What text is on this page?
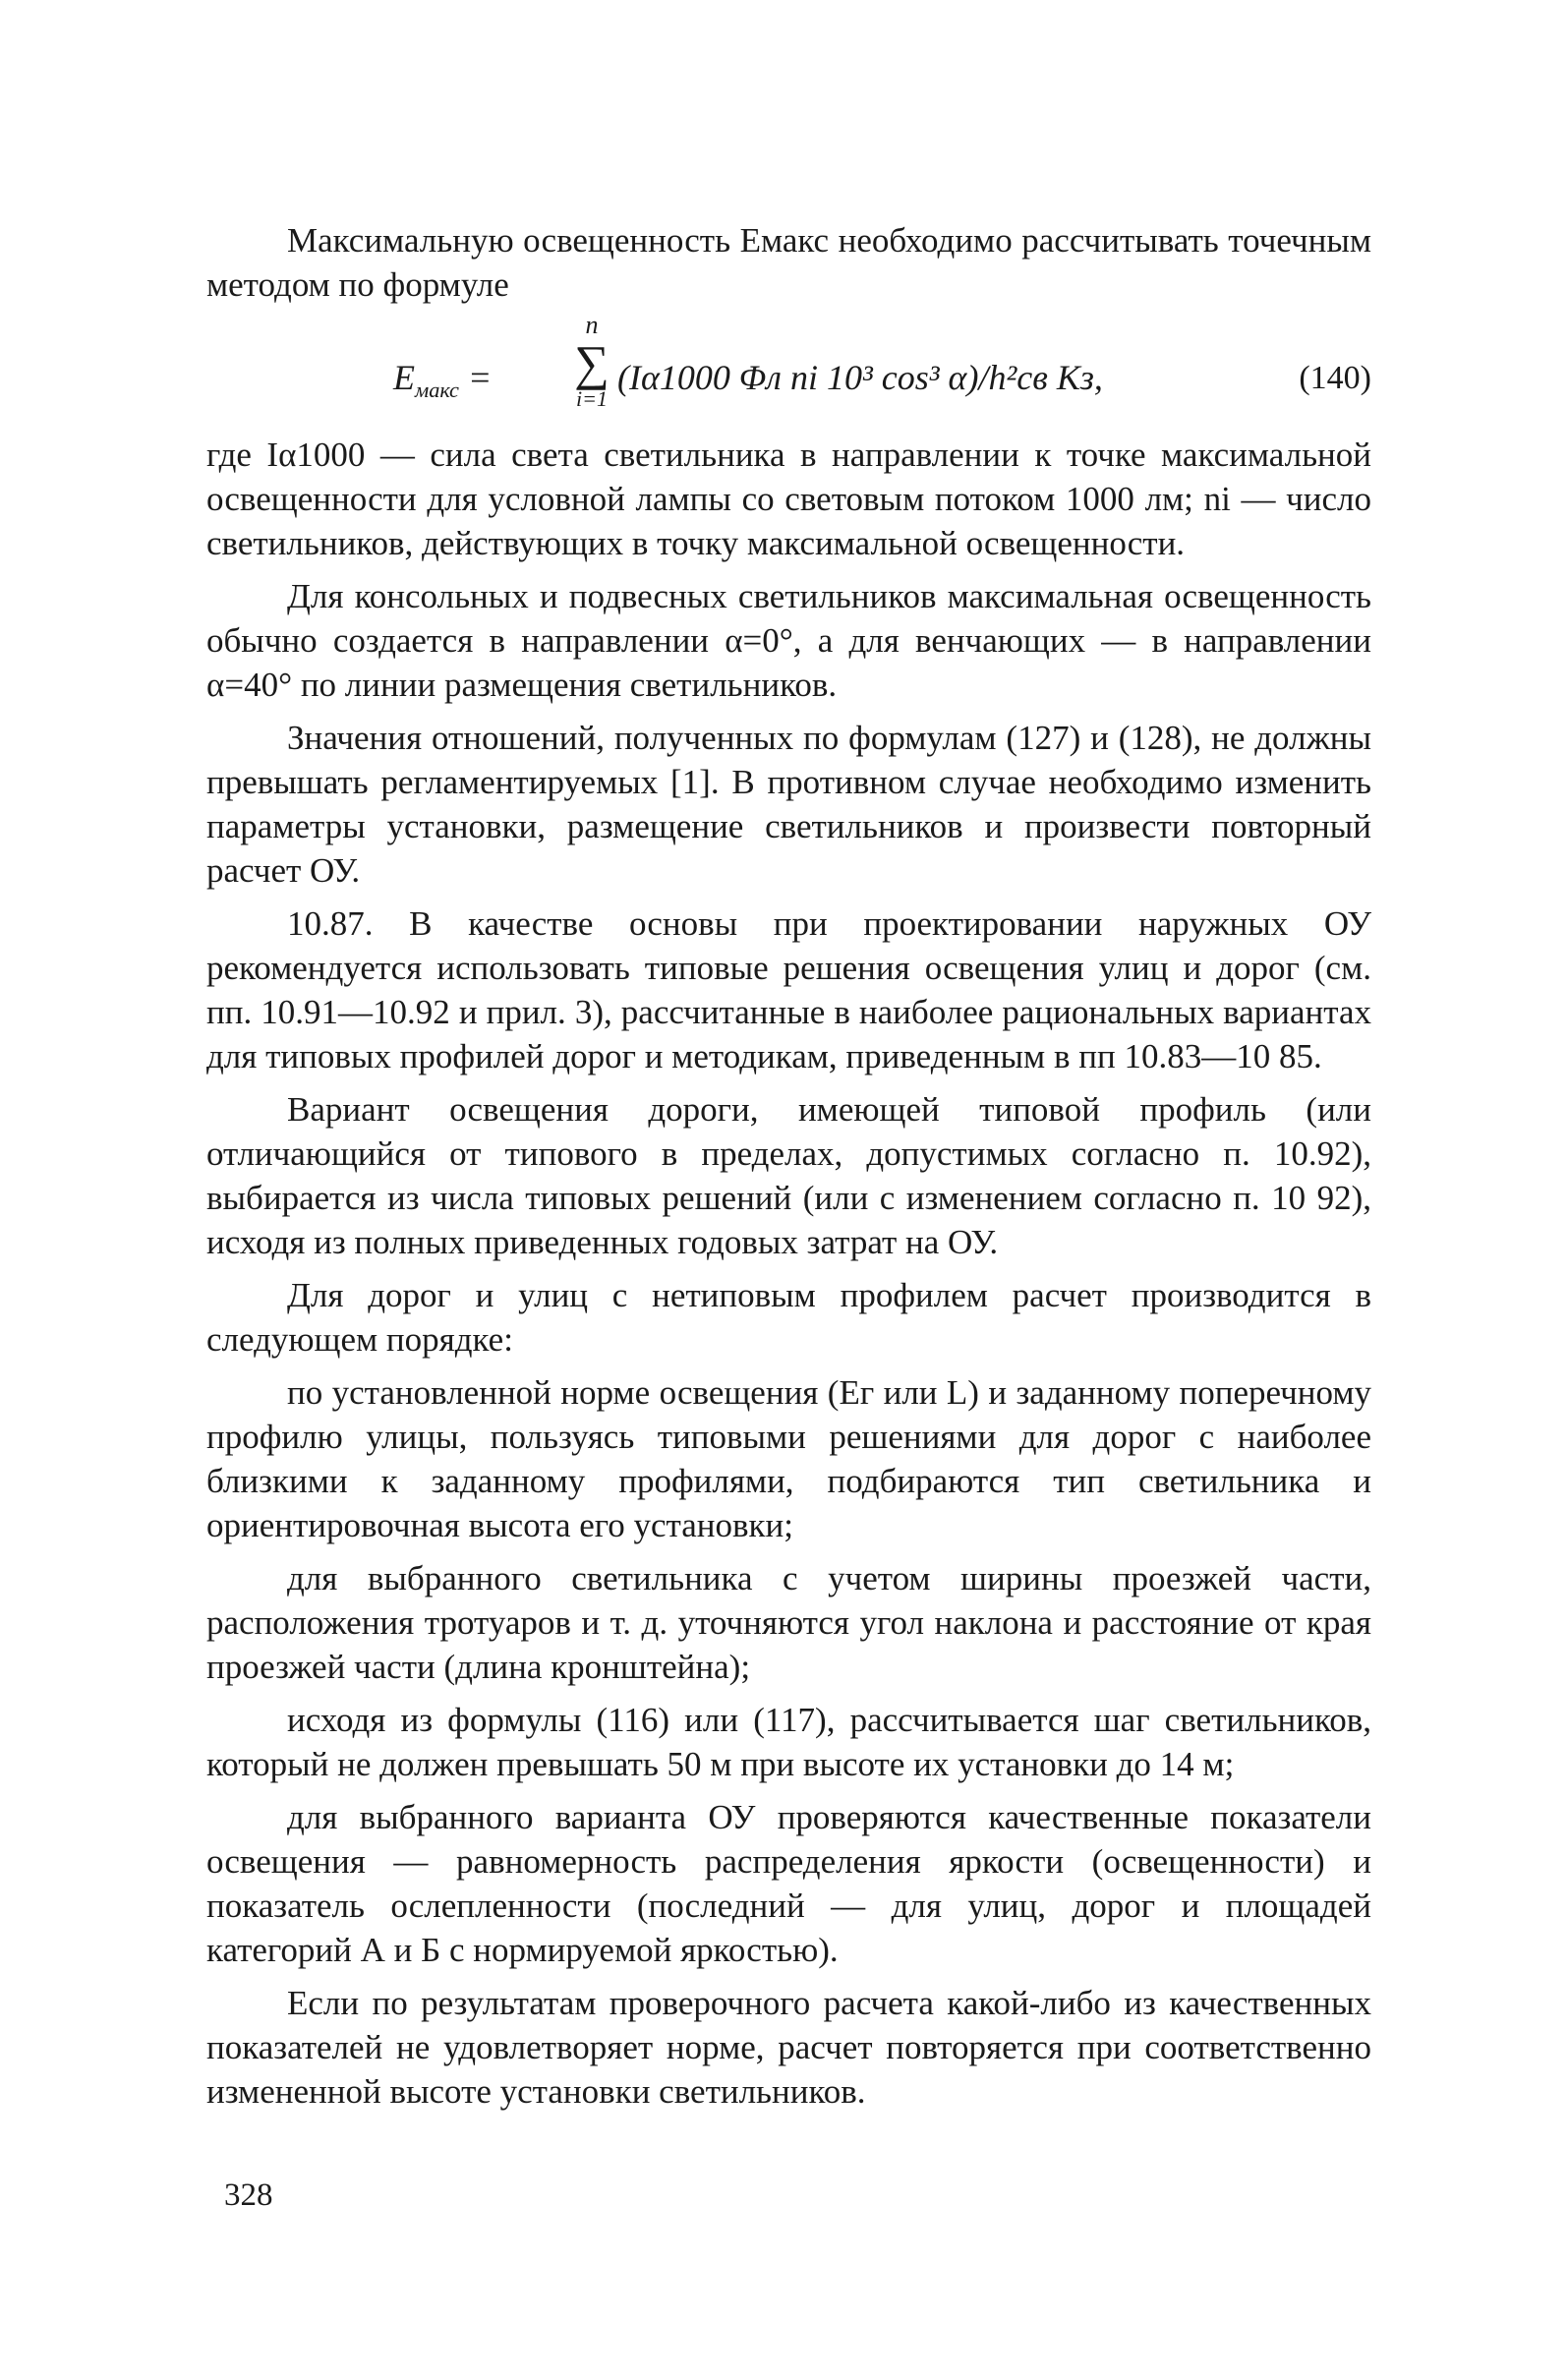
Максимальную освещенность Eмакс необходимо рассчитывать точечным методом по формуле

$E_{макс}$ =
n
∑
i=1
(Iα1000 Φл ni 10³ cos³ α)/h²св Kз,	(140)

где Iα1000 — сила света светильника в направлении к точке максимальной освещенности для условной лампы со световым потоком 1000 лм; ni — число светильников, действующих в точку максимальной освещенности.

Для консольных и подвесных светильников максимальная освещенность обычно создается в направлении α=0°, а для венчающих — в направлении α=40° по линии размещения светильников.

Значения отношений, полученных по формулам (127) и (128), не должны превышать регламентируемых [1]. В противном случае необходимо изменить параметры установки, размещение светильников и произвести повторный расчет ОУ.

10.87. В качестве основы при проектировании наружных ОУ рекомендуется использовать типовые решения освещения улиц и дорог (см. пп. 10.91—10.92 и прил. 3), рассчитанные в наиболее рациональных вариантах для типовых профилей дорог и методикам, приведенным в пп 10.83—10 85.

Вариант освещения дороги, имеющей типовой профиль (или отличающийся от типового в пределах, допустимых согласно п. 10.92), выбирается из числа типовых решений (или с изменением согласно п. 10 92), исходя из полных приведенных годовых затрат на ОУ.

Для дорог и улиц с нетиповым профилем расчет производится в следующем порядке:

по установленной норме освещения (Eг или L) и заданному поперечному профилю улицы, пользуясь типовыми решениями для дорог с наиболее близкими к заданному профилями, подбираются тип светильника и ориентировочная высота его установки;

для выбранного светильника с учетом ширины проезжей части, расположения тротуаров и т. д. уточняются угол наклона и расстояние от края проезжей части (длина кронштейна);

исходя из формулы (116) или (117), рассчитывается шаг светильников, который не должен превышать 50 м при высоте их установки до 14 м;

для выбранного варианта ОУ проверяются качественные показатели освещения — равномерность распределения яркости (освещенности) и показатель ослепленности (последний — для улиц, дорог и площадей категорий А и Б с нормируемой яркостью).

Если по результатам проверочного расчета какой-либо из качественных показателей не удовлетворяет норме, расчет повторяется при соответственно измененной высоте установки светильников.

328
